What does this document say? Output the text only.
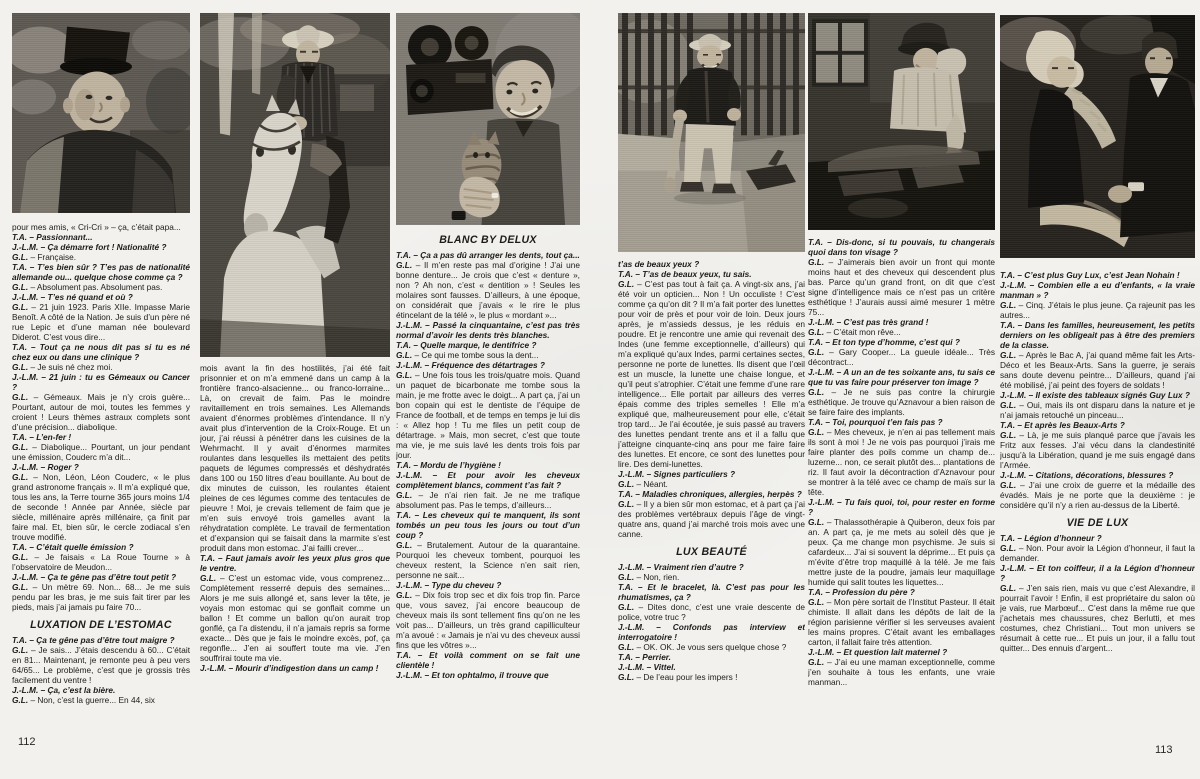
pour mes amis, « Cri-Cri » – ça, c’était papa...

T.A. – Passionnant...

J.-L.M. – Ça démarre fort ! Nationalité ?

G.L. – Française.

T.A. – T’es bien sûr ? T’es pas de nationalité allemande ou... quelque chose comme ça ?

G.L. – Absolument pas. Absolument pas.

J.-L.M. – T’es né quand et où ?

G.L. – 21 juin 1923. Paris XIIe. Impasse Marie Benoît. A côté de la Nation. Je suis d’un père né rue Lepic et d’une maman née boulevard Diderot. C’est vous dire...

T.A. – Tout ça ne nous dit pas si tu es né chez eux ou dans une clinique ?

G.L. – Je suis né chez moi.

J.-L.M. – 21 juin : tu es Gémeaux ou Cancer ?

G.L. – Gémeaux. Mais je n’y crois guère... Pourtant, autour de moi, toutes les femmes y croient ! Leurs thèmes astraux complets sont d’une précision... diabolique.

T.A. – L’en-fer !

G.L. – Diabolique... Pourtant, un jour pendant une émission, Couderc m’a dit...

J.-L.M. – Roger ?

G.L. – Non, Léon, Léon Couderc, « le plus grand astronome français ». Il m’a expliqué que, tous les ans, la Terre tourne 365 jours moins 1/4 de seconde ! Année par Année, siècle par siècle, millénaire après millénaire, ça finit par faire mal. Et, bien sûr, le cercle zodiacal s’en trouve modifié.

T.A. – C’était quelle émission ?

G.L. – Je faisais « La Roue Tourne » à l’observatoire de Meudon...

J.-L.M. – Ça te gêne pas d’être tout petit ?

G.L. – Un mètre 69. Non... 68... Je me suis pendu par les bras, je me suis fait tirer par les pieds, mais j’ai jamais pu faire 70...

LUXATION DE L’ESTOMAC

T.A. – Ça te gêne pas d’être tout maigre ?

G.L. – Je sais... J’étais descendu à 60... C’était en 81... Maintenant, je remonte peu à peu vers 64/65... Le problème, c’est que je grossis très facilement du ventre !

J.-L.M. – Ça, c’est la bière.

G.L. – Non, c’est la guerre... En 44, six

mois avant la fin des hostilités, j’ai été fait prisonnier et on m’a emmené dans un camp à la frontière franco-alsacienne... ou franco-lorraine... Là, on crevait de faim. Pas le moindre ravitaillement en trois semaines. Les Allemands avaient d’énormes problèmes d’intendance. Il n’y avait plus d’intervention de la Croix-Rouge. Et un jour, j’ai réussi à pénétrer dans les cuisines de la Wehrmacht. Il y avait d’énormes marmites roulantes dans lesquelles ils mettaient des petits paquets de légumes compressés et déshydratés dans 100 ou 150 litres d’eau bouillante. Au bout de dix minutes de cuisson, les roulantes étaient pleines de ces légumes comme des tentacules de pieuvre ! Moi, je crevais tellement de faim que je m’en suis envoyé trois gamelles avant la réhydratation complète. Le travail de fermentation et d’expansion qui se faisait dans la marmite s’est produit dans mon estomac. J’ai failli crever...

T.A. – Faut jamais avoir les yeux plus gros que le ventre.

G.L. – C’est un estomac vide, vous comprenez... Complètement resserré depuis des semaines... Alors je me suis allongé et, sans lever la tête, je voyais mon estomac qui se gonflait comme un ballon ! Et comme un ballon qu’on aurait trop gonflé, ça l’a distendu, il n’a jamais repris sa forme exacte... Dès que je fais le moindre excès, pof, ça regonfle... J’en ai souffert toute ma vie. J’en souffrirai toute ma vie.

J.-L.M. – Mourir d’indigestion dans un camp !

BLANC BY DELUX

T.A. – Ça a pas dû arranger les dents, tout ça...

G.L. – Il m’en reste pas mal d’origine ! J’ai une bonne denture... Je crois que c’est « denture », non ? Ah non, c’est « dentition » ! Seules les molaires sont fausses. D’ailleurs, à une époque, on considérait que j’avais « le rire le plus étincelant de la télé », le plus « mordant »...

J.-L.M. – Passé la cinquantaine, c’est pas très normal d’avoir les dents très blanches.

T.A. – Quelle marque, le dentifrice ?

G.L. – Ce qui me tombe sous la dent...

J.-L.M. – Fréquence des détartrages ?

G.L. – Une fois tous les trois/quatre mois. Quand un paquet de bicarbonate me tombe sous la main, je me frotte avec le doigt... A part ça, j’ai un bon copain qui est le dentiste de l’équipe de France de football, et de temps en temps je lui dis : « Allez hop ! Tu me files un petit coup de détartrage. » Mais, mon secret, c’est que toute ma vie, je me suis lavé les dents trois fois par jour.

T.A. – Mordu de l’hygiène !

J.-L.M. – Et pour avoir les cheveux complètement blancs, comment t’as fait ?

G.L. – Je n’ai rien fait. Je ne me trafique absolument pas. Pas le temps, d’ailleurs...

T.A. – Les cheveux qui te manquent, ils sont tombés un peu tous les jours ou tout d’un coup ?

G.L. – Brutalement. Autour de la quarantaine. Pourquoi les cheveux tombent, pourquoi les cheveux restent, la Science n’en sait rien, personne ne sait...

J.-L.M. – Type du cheveu ?

G.L. – Dix fois trop sec et dix fois trop fin. Parce que, vous savez, j’ai encore beaucoup de cheveux mais ils sont tellement fins qu’on ne les voit pas... D’ailleurs, un très grand capilliculteur m’a avoué : « Jamais je n’ai vu des cheveux aussi fins que les vôtres »...

T.A. – Et voilà comment on se fait une clientèle !

J.-L.M. – Et ton ophtalmo, il trouve que

t’as de beaux yeux ?

T.A. – T’as de beaux yeux, tu sais.

G.L. – C’est pas tout à fait ça. A vingt-six ans, j’ai été voir un opticien... Non ! Un occuliste ! C’est comme ça qu’on dit ? Il m’a fait porter des lunettes pour voir de près et pour voir de loin. Deux jours après, je m’assieds dessus, je les réduis en poudre. Et je rencontre une amie qui revenait des Indes (une femme exceptionnelle, d’ailleurs) qui m’a expliqué qu’aux Indes, parmi certaines sectes, personne ne porte de lunettes. Ils disent que l’œil est un muscle, la lunette une chaise longue, et qu’il peut s’atrophier. C’était une femme d’une rare intelligence... Elle portait par ailleurs des verres épais comme des triples semelles ! Elle m’a expliqué que, malheureusement pour elle, c’était trop tard... Je l’ai écoutée, je suis passé au travers des lunettes pendant trente ans et il a fallu que j’atteigne cinquante-cinq ans pour me faire faire des lunettes. Et encore, ce sont des lunettes pour lire. Des demi-lunettes.

J.-L.M. – Signes particuliers ?

G.L. – Néant.

T.A. – Maladies chroniques, allergies, herpès ?

G.L. – Il y a bien sûr mon estomac, et à part ça j’ai des problèmes vertébraux depuis l’âge de vingt-quatre ans, quand j’ai marché trois mois avec une canne.

LUX BEAUTÉ

J.-L.M. – Vraiment rien d’autre ?

G.L. – Non, rien.

T.A. – Et le bracelet, là. C’est pas pour les rhumatismes, ça ?

G.L. – Dites donc, c’est une vraie descente de police, votre truc ?

J.-L.M. – Confonds pas interview et interrogatoire !

G.L. – OK. OK. Je vous sers quelque chose ?

T.A. – Perrier.

J.-L.M. – Vittel.

G.L. – De l’eau pour les impers !

T.A. – Dis-donc, si tu pouvais, tu changerais quoi dans ton visage ?

G.L. – J’aimerais bien avoir un front qui monte moins haut et des cheveux qui descendent plus bas. Parce qu’un grand front, on dit que c’est signe d’intelligence mais ce n’est pas un critère esthétique ! J’aurais aussi aimé mesurer 1 mètre 75...

J.-L.M. – C’est pas très grand !

G.L. – C’était mon rêve...

T.A. – Et ton type d’homme, c’est qui ?

G.L. – Gary Cooper... La gueule idéale... Très décontract...

J.-L.M. – A un an de tes soixante ans, tu sais ce que tu vas faire pour préserver ton image ?

G.L. – Je ne suis pas contre la chirurgie esthétique. Je trouve qu’Aznavour a bien raison de se faire faire des implants.

T.A. – Toi, pourquoi t’en fais pas ?

G.L. – Mes cheveux, je n’en ai pas tellement mais ils sont à moi ! Je ne vois pas pourquoi j’irais me faire planter des poils comme un champ de... luzerne... non, ce serait plutôt des... plantations de riz. Il faut avoir la décontraction d’Aznavour pour se montrer à la télé avec ce champ de maïs sur la tête.

J.-L.M. – Tu fais quoi, toi, pour rester en forme ?

G.L. – Thalassothérapie à Quiberon, deux fois par an. A part ça, je me mets au soleil dès que je peux. Ça me change mon psychisme. Je suis si cafardeux... J’ai si souvent la déprime... Et puis ça m’évite d’être trop maquillé à la télé. Je me fais mettre juste de la poudre, jamais leur maquillage humide qui salit toutes les liquettes...

T.A. – Profession du père ?

G.L. – Mon père sortait de l’Institut Pasteur. Il était chimiste. Il allait dans les dépôts de lait de la région parisienne vérifier si les serveuses avaient les mains propres. C’était avant les emballages carton, il fallait faire très attention.

J.-L.M. – Et question lait maternel ?

G.L. – J’ai eu une maman exceptionnelle, comme j’en souhaite à tous les enfants, une vraie manman...

T.A. – C’est plus Guy Lux, c’est Jean Nohain !

J.-L.M. – Combien elle a eu d’enfants, « la vraie manman » ?

G.L. – Cinq. J’étais le plus jeune. Ça rajeunit pas les autres...

T.A. – Dans les familles, heureusement, les petits derniers on les obligeait pas à être des premiers de la classe.

G.L. – Après le Bac A, j’ai quand même fait les Arts-Déco et les Beaux-Arts. Sans la guerre, je serais sans doute devenu peintre... D’ailleurs, quand j’ai été mobilisé, j’ai peint des foyers de soldats !

J.-L.M. – Il existe des tableaux signés Guy Lux ?

G.L. – Oui, mais ils ont disparu dans la nature et je n’ai jamais retouché un pinceau...

T.A. – Et après les Beaux-Arts ?

G.L. – Là, je me suis planqué parce que j’avais les Fritz aux fesses. J’ai vécu dans la clandestinité jusqu’à la Libération, quand je me suis engagé dans l’Armée.

J.-L.M. – Citations, décorations, blessures ?

G.L. – J’ai une croix de guerre et la médaille des évadés. Mais je ne porte que la deuxième : je considère qu’il n’y a rien au-dessus de la Liberté.

VIE DE LUX

T.A. – Légion d’honneur ?

G.L. – Non. Pour avoir la Légion d’honneur, il faut la demander.

J.-L.M. – Et ton coiffeur, il a la Légion d’honneur ?

G.L. – J’en sais rien, mais vu que c’est Alexandre, il pourrait l’avoir ! Enfin, il est propriétaire du salon où je vais, rue Marbœuf... C’est dans la même rue que j’achetais mes chaussures, chez Berlutti, et mes costumes, chez Christiani... Tout mon univers se résumait à cette rue... Et puis un jour, il a fallu tout quitter... Des ennuis d’argent...

112
113
